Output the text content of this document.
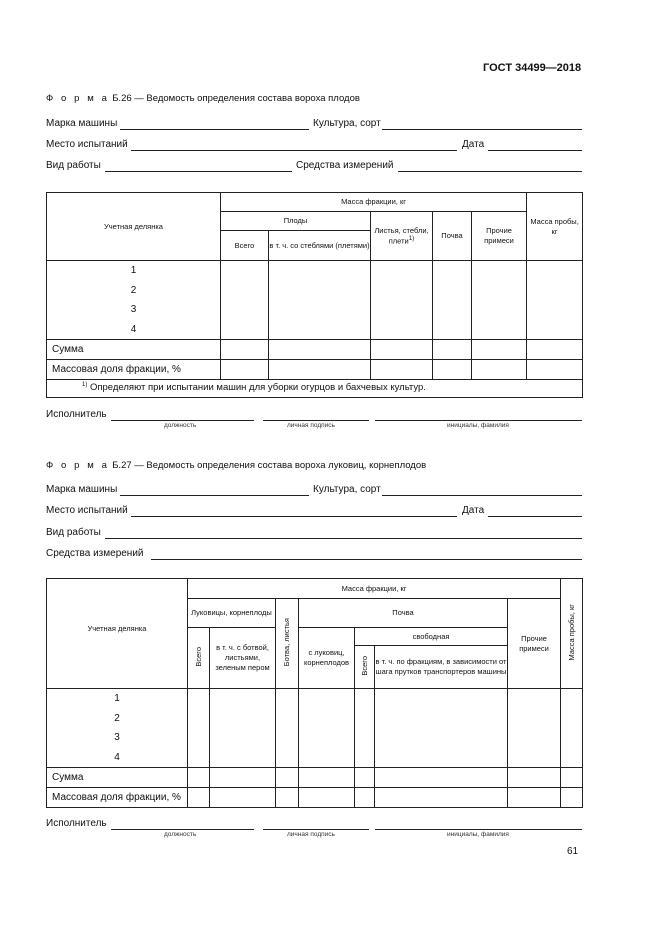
ГОСТ 34499—2018
Ф о р м а Б.26 — Ведомость определения состава вороха плодов
Марка машины	Культура, сорт
Место испытаний	Дата
Вид работы	Средства измерений
Учетная делянка	Масса фракции, кг					Масса пробы, кг
	Плоды		Листья, стебли, плети$^{1)}$	Почва	Прочие примеси	
	Всего	в т. ч. со стеблями (плетями)				

1
2
3
4						

Сумма						
Массовая доля фракции, %						
$^{1)}$ Определяют при испытании машин для уборки огурцов и бахчевых культур.						
Исполнитель
должность	личная подпись	инициалы, фамилия
Ф о р м а Б.27 — Ведомость определения состава вороха луковиц, корнеплодов
Марка машины	Культура, сорт
Место испытаний	Дата
Вид работы
Средства измерений
Учетная делянка	Масса фракции, кг							Масса пробы, кг
	Луковицы, корнеплоды		Ботва, листья	Почва			Прочие примеси	
	Всего	в т. ч. с ботвой, листьями, зеленым пером		с луковиц, корнеплодов	свободная			
					Всего	в т. ч. по фракциям, в зависимости от шага прутков транспортеров машины		

1
2
3
4								

Сумма								
Массовая доля фракции, %								
Исполнитель
должность	личная подпись	инициалы, фамилия
61
